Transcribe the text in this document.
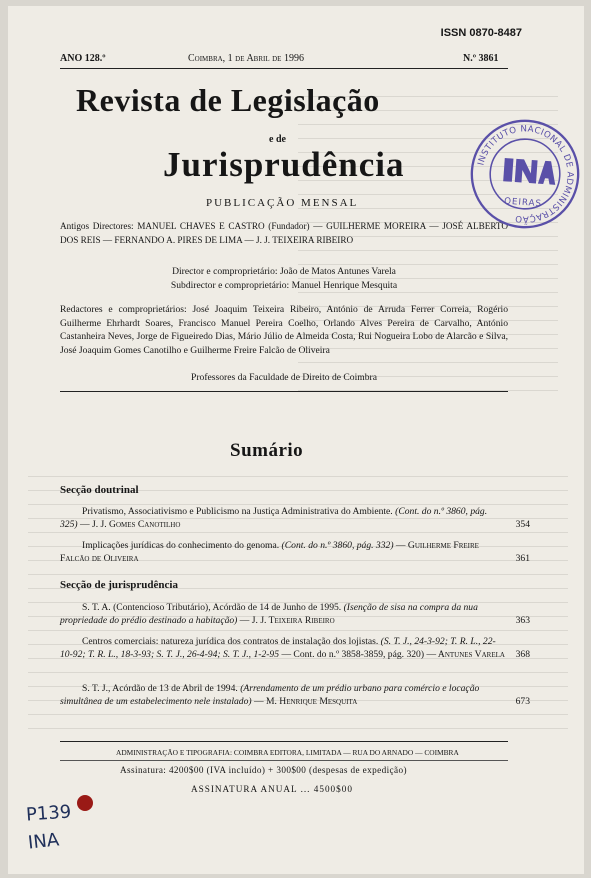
ISSN 0870-8487
ANO 128.º	Coimbra, 1 de Abril de 1996	N.º 3861
Revista de Legislação
e de
Jurisprudência
PUBLICAÇÃO MENSAL
Antigos Directores: MANUEL CHAVES E CASTRO (Fundador) — GUILHERME MOREIRA — JOSÉ ALBERTO DOS REIS — FERNANDO A. PIRES DE LIMA — J. J. TEIXEIRA RIBEIRO
Director e comproprietário: João de Matos Antunes Varela
Subdirector e comproprietário: Manuel Henrique Mesquita
Redactores e comproprietários: José Joaquim Teixeira Ribeiro, António de Arruda Ferrer Correia, Rogério Guilherme Ehrhardt Soares, Francisco Manuel Pereira Coelho, Orlando Alves Pereira de Carvalho, António Castanheira Neves, Jorge de Figueiredo Dias, Mário Júlio de Almeida Costa, Rui Nogueira Lobo de Alarcão e Silva, José Joaquim Gomes Canotilho e Guilherme Freire Falcão de Oliveira
Professores da Faculdade de Direito de Coimbra
Sumário
Secção doutrinal
Privatismo, Associativismo e Publicismo na Justiça Administrativa do Ambiente. (Cont. do n.º 3860, pág. 325) — J. J. Gomes Canotilho	354
Implicações jurídicas do conhecimento do genoma. (Cont. do n.º 3860, pág. 332) — Guilherme Freire Falcão de Oliveira	361
Secção de jurisprudência
S. T. A. (Contencioso Tributário), Acórdão de 14 de Junho de 1995. (Isenção de sisa na compra da nua propriedade do prédio destinado a habitação) — J. J. Teixeira Ribeiro	363
Centros comerciais: natureza jurídica dos contratos de instalação dos lojistas. (S. T. J., 24-3-92; T. R. L., 22-10-92; T. R. L., 18-3-93; S. T. J., 26-4-94; S. T. J., 1-2-95 — Cont. do n.º 3858-3859, pág. 320) — Antunes Varela	368
S. T. J., Acórdão de 13 de Abril de 1994. (Arrendamento de um prédio urbano para comércio e locação simultânea de um estabelecimento nele instalado) — M. Henrique Mesquita	673
ADMINISTRAÇÃO E TIPOGRAFIA: COIMBRA EDITORA, LIMITADA — RUA DO ARNADO — COIMBRA
Assinatura: 4200$00 (IVA incluído) + 300$00 (despesas de expedição)
ASSINATURA ANUAL ... 4500$00
INSTITUTO NACIONAL DE ADMINISTRAÇÃO
OEIRAS
P139
INA
